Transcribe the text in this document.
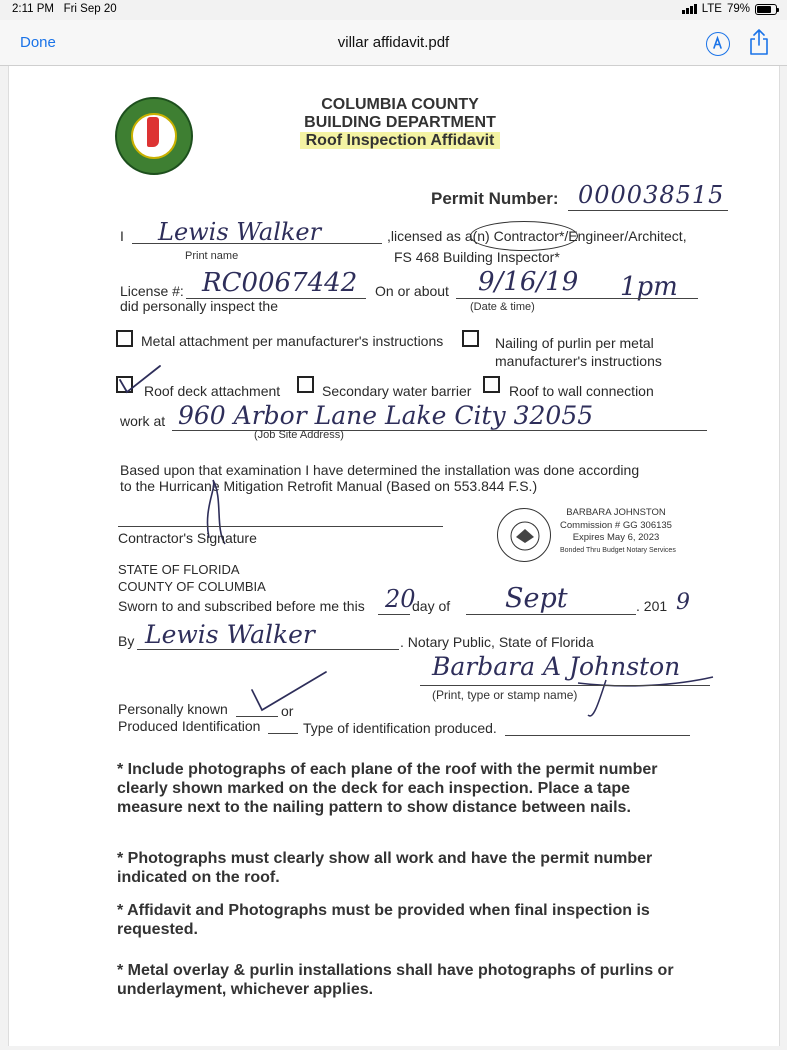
2:11 PM Fri Sep 20	LTE 79%
Done	villar affidavit.pdf
COLUMBIA COUNTY
BUILDING DEPARTMENT
Roof Inspection Affidavit
Permit Number: 000038515
I Lewis Walker	,licensed as a(n) Contractor*/Engineer/Architect,
Print name	FS 468 Building Inspector*
License #: RC0067442 On or about 9/16/19 1pm
did personally inspect the	(Date & time)
Metal attachment per manufacturer's instructions	Nailing of purlin per metal
manufacturer's instructions
Roof deck attachment	Secondary water barrier	Roof to wall connection
work at 960 Arbor Lane Lake City 32055
(Job Site Address)
Based upon that examination I have determined the installation was done according
to the Hurricane Mitigation Retrofit Manual (Based on 553.844 F.S.)
Contractor's Signature
BARBARA JOHNSTON
Commission # GG 306135
Expires May 6, 2023
Bonded Thru Budget Notary Services
STATE OF FLORIDA
COUNTY OF COLUMBIA
Sworn to and subscribed before me this 20
day of Sept	. 201 9
By Lewis Walker	. Notary Public, State of Florida
Barbara A Johnston
(Print, type or stamp name)
Personally known	or
Produced Identification	Type of identification produced.
* Include photographs of each plane of the roof with the permit number clearly shown marked on the deck for each inspection. Place a tape measure next to the nailing pattern to show distance between nails.
* Photographs must clearly show all work and have the permit number indicated on the roof.
* Affidavit and Photographs must be provided when final inspection is requested.
* Metal overlay & purlin installations shall have photographs of purlins or underlayment, whichever applies.
